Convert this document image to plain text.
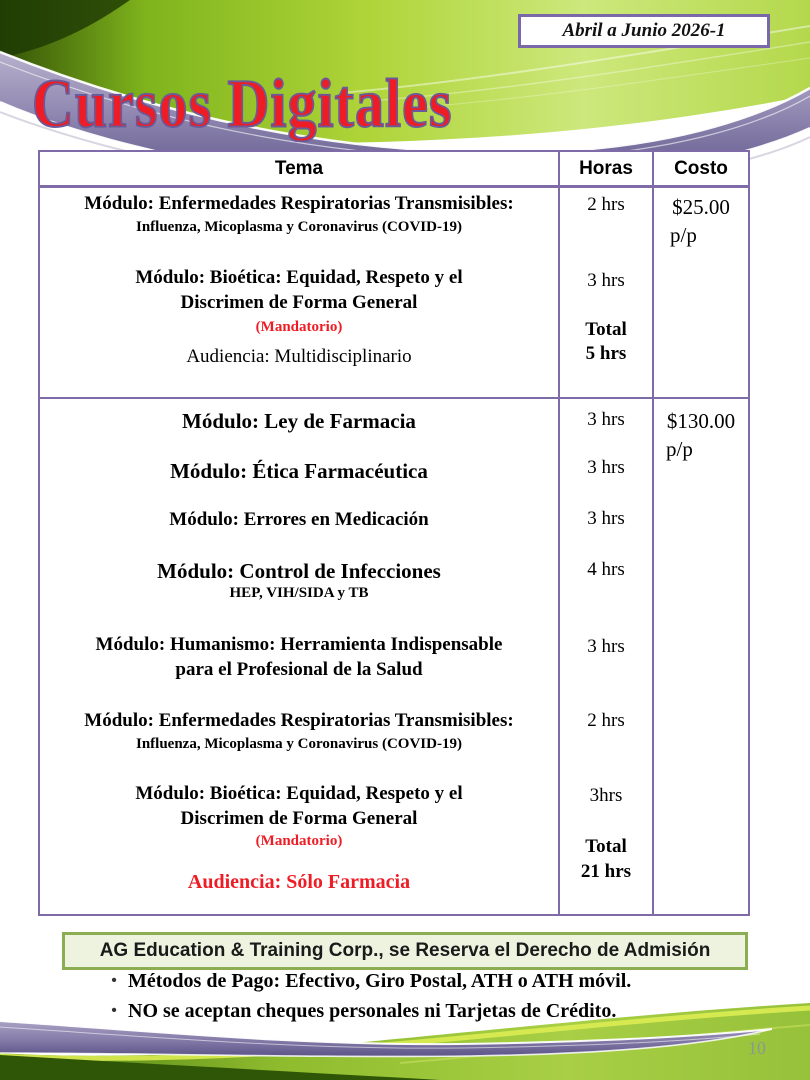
Abril a Junio 2026-1
Cursos Digitales
Tema	Horas	Costo
Módulo: Enfermedades Respiratorias Transmisibles:
Influenza, Micoplasma y Coronavirus (COVID-19)
Módulo: Bioética: Equidad, Respeto y el
Discrimen de Forma General
(Mandatorio)
Audiencia: Multidisciplinario
2 hrs
3 hrs
Total
5 hrs
$25.00
p/p
Módulo: Ley de Farmacia
Módulo: Ética Farmacéutica
Módulo: Errores en Medicación
Módulo: Control de Infecciones
HEP, VIH/SIDA y TB
Módulo: Humanismo: Herramienta Indispensable
para el Profesional de la Salud
Módulo: Enfermedades Respiratorias Transmisibles:
Influenza, Micoplasma y Coronavirus (COVID-19)
Módulo: Bioética: Equidad, Respeto y el
Discrimen de Forma General
(Mandatorio)
Audiencia: Sólo Farmacia
3 hrs
3 hrs
3 hrs
4 hrs
3 hrs
2 hrs
3hrs
Total
21 hrs
$130.00
p/p
AG Education & Training Corp., se Reserva el Derecho de Admisión
• Métodos de Pago: Efectivo, Giro Postal, ATH o ATH móvil.
• NO se aceptan cheques personales ni Tarjetas de Crédito.
10
